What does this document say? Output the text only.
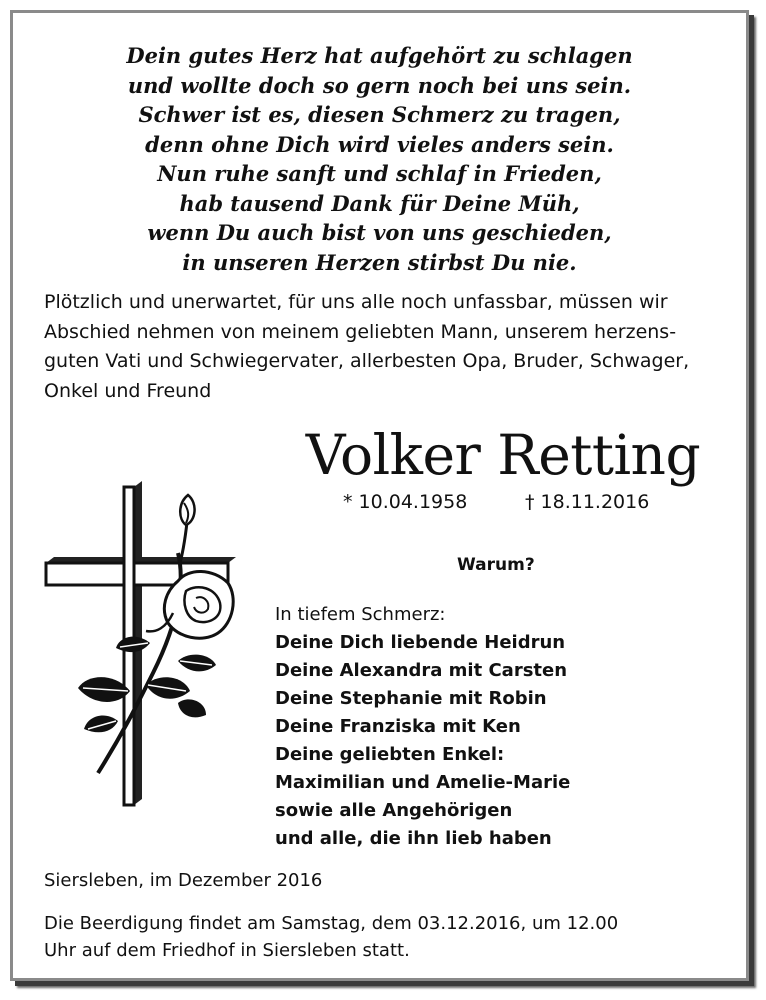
Dein gutes Herz hat aufgehört zu schlagen
und wollte doch so gern noch bei uns sein.
Schwer ist es, diesen Schmerz zu tragen,
denn ohne Dich wird vieles anders sein.
Nun ruhe sanft und schlaf in Frieden,
hab tausend Dank für Deine Müh,
wenn Du auch bist von uns geschieden,
in unseren Herzen stirbst Du nie.
Plötzlich und unerwartet, für uns alle noch unfassbar, müssen wir
Abschied nehmen von meinem geliebten Mann, unserem herzens-
guten Vati und Schwiegervater, allerbesten Opa, Bruder, Schwager,
Onkel und Freund
Volker Retting
* 10.04.1958	† 18.11.2016
Warum?
In tiefem Schmerz:
Deine Dich liebende Heidrun
Deine Alexandra mit Carsten
Deine Stephanie mit Robin
Deine Franziska mit Ken
Deine geliebten Enkel:
Maximilian und Amelie-Marie
sowie alle Angehörigen
und alle, die ihn lieb haben
Siersleben, im Dezember 2016
Die Beerdigung findet am Samstag, dem 03.12.2016, um 12.00
Uhr auf dem Friedhof in Siersleben statt.
